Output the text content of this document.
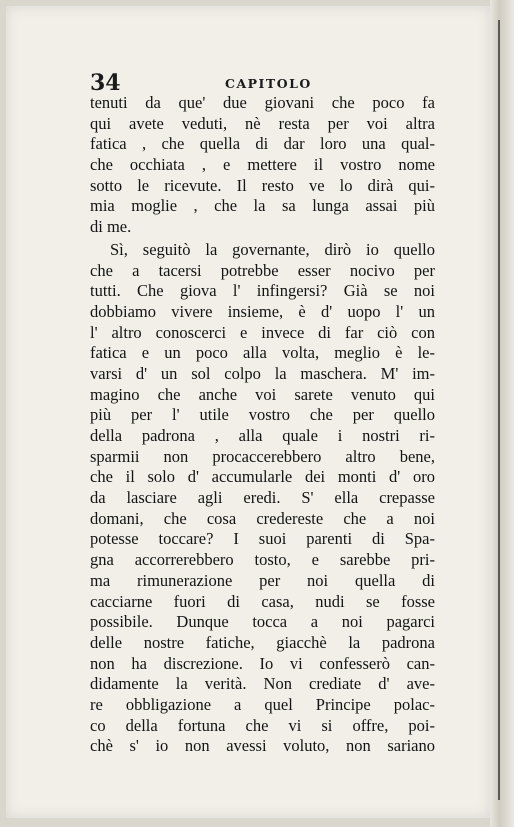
34	CAPITOLO
tenuti da que' due giovani che poco fa
qui avete veduti, nè resta per voi altra
fatica , che quella di dar loro una qual-
che occhiata , e mettere il vostro nome
sotto le ricevute. Il resto ve lo dirà qui-
mia moglie , che la sa lunga assai più
di me.
Sì, seguitò la governante, dirò io quello
che a tacersi potrebbe esser nocivo per
tutti. Che giova l' infingersi? Già se noi
dobbiamo vivere insieme, è d' uopo l' un
l' altro conoscerci e invece di far ciò con
fatica e un poco alla volta, meglio è le-
varsi d' un sol colpo la maschera. M' im-
magino che anche voi sarete venuto qui
più per l' utile vostro che per quello
della padrona , alla quale i nostri ri-
sparmii non procaccerebbero altro bene,
che il solo d' accumularle dei monti d' oro
da lasciare agli eredi. S' ella crepasse
domani, che cosa credereste che a noi
potesse toccare? I suoi parenti di Spa-
gna accorrerebbero tosto, e sarebbe pri-
ma rimunerazione per noi quella di
cacciarne fuori di casa, nudi se fosse
possibile. Dunque tocca a noi pagarci
delle nostre fatiche, giacchè la padrona
non ha discrezione. Io vi confesserò can-
didamente la verità. Non crediate d' ave-
re obbligazione a quel Principe polac-
co della fortuna che vi si offre, poi-
chè s' io non avessi voluto, non sariano
